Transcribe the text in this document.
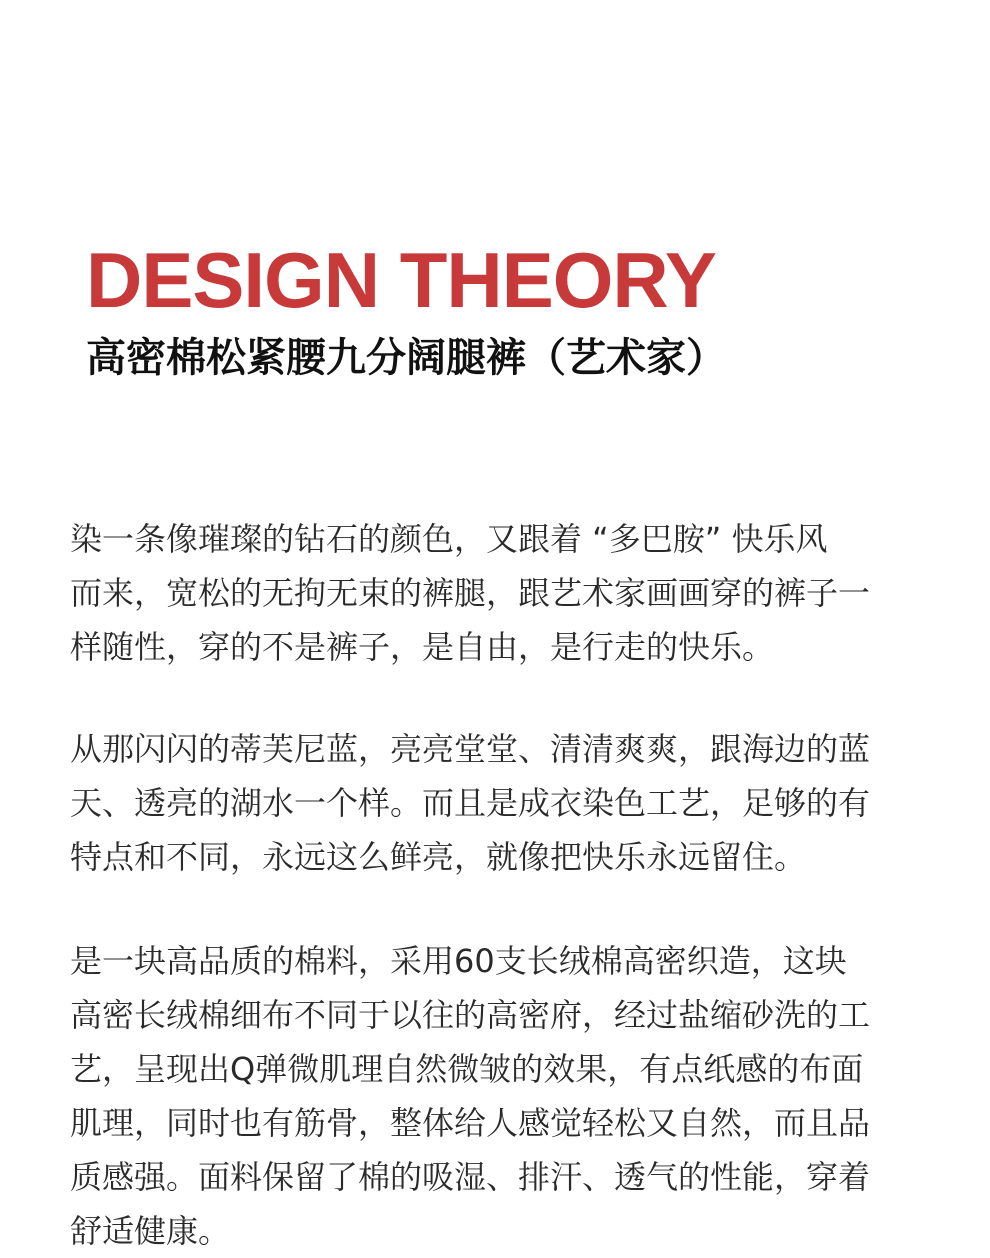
DESIGN THEORY
高密棉松紧腰九分阔腿裤（艺术家）

染一条像璀璨的钻石的颜色，又跟着 “多巴胺” 快乐风
而来，宽松的无拘无束的裤腿，跟艺术家画画穿的裤子一
样随性，穿的不是裤子，是自由，是行走的快乐。

从那闪闪的蒂芙尼蓝，亮亮堂堂、清清爽爽，跟海边的蓝
天、透亮的湖水一个样。而且是成衣染色工艺，足够的有
特点和不同，永远这么鲜亮，就像把快乐永远留住。

是一块高品质的棉料，采用60支长绒棉高密织造，这块
高密长绒棉细布不同于以往的高密府，经过盐缩砂洗的工
艺，呈现出Q弹微肌理自然微皱的效果，有点纸感的布面
肌理，同时也有筋骨，整体给人感觉轻松又自然，而且品
质感强。面料保留了棉的吸湿、排汗、透气的性能，穿着
舒适健康。
